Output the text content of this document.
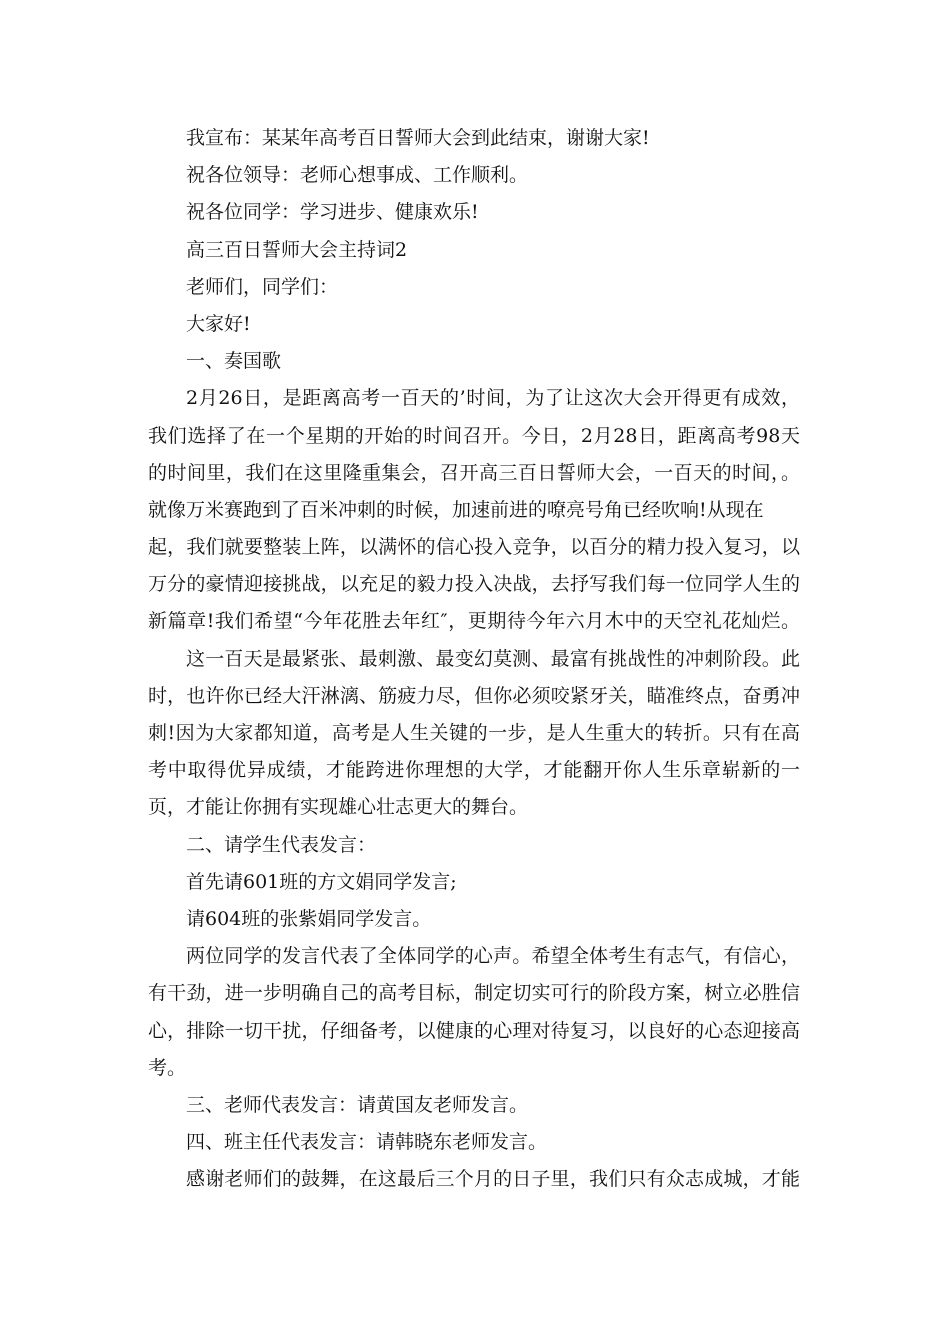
我宣布：某某年高考百日誓师大会到此结束，谢谢大家!
祝各位领导：老师心想事成、工作顺利。
祝各位同学：学习进步、健康欢乐!
高三百日誓师大会主持词2
老师们，同学们：
大家好!
一、奏国歌
2月26日，是距离高考一百天的’时间，为了让这次大会开得更有成效，
我们选择了在一个星期的开始的时间召开。今日，2月28日，距离高考98天
的时间里，我们在这里隆重集会，召开高三百日誓师大会，一百天的时间，。
就像万米赛跑到了百米冲刺的时候，加速前进的嘹亮号角已经吹响!从现在
起，我们就要整装上阵，以满怀的信心投入竞争，以百分的精力投入复习，以
万分的豪情迎接挑战，以充足的毅力投入决战，去抒写我们每一位同学人生的
新篇章!我们希望“今年花胜去年红″，更期待今年六月木中的天空礼花灿烂。
这一百天是最紧张、最刺激、最变幻莫测、最富有挑战性的冲刺阶段。此
时，也许你已经大汗淋漓、筋疲力尽，但你必须咬紧牙关，瞄准终点，奋勇冲
刺!因为大家都知道，高考是人生关键的一步，是人生重大的转折。只有在高
考中取得优异成绩，才能跨进你理想的大学，才能翻开你人生乐章崭新的一
页，才能让你拥有实现雄心壮志更大的舞台。
二、请学生代表发言：
首先请601班的方文娟同学发言;
请604班的张紫娟同学发言。
两位同学的发言代表了全体同学的心声。希望全体考生有志气，有信心，
有干劲，进一步明确自己的高考目标，制定切实可行的阶段方案，树立必胜信
心，排除一切干扰，仔细备考，以健康的心理对待复习，以良好的心态迎接高
考。
三、老师代表发言：请黄国友老师发言。
四、班主任代表发言：请韩晓东老师发言。
感谢老师们的鼓舞，在这最后三个月的日子里，我们只有众志成城，才能
